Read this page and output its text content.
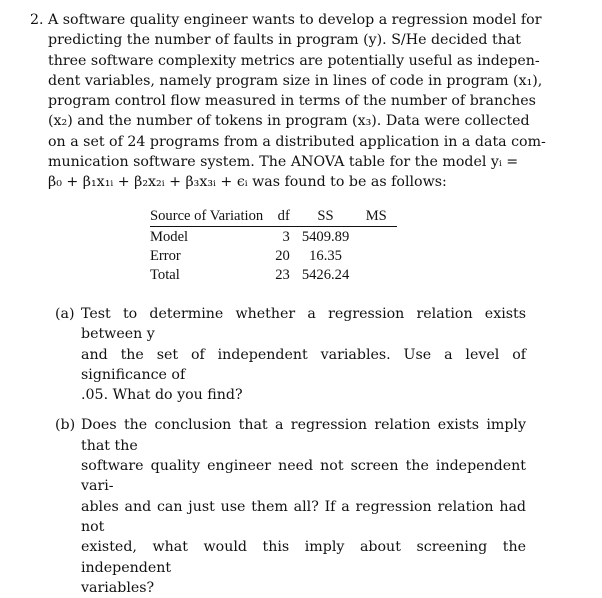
2. A software quality engineer wants to develop a regression model for

predicting the number of faults in program (y). S/He decided that

three software complexity metrics are potentially useful as indepen-

dent variables, namely program size in lines of code in program (x₁),

program control flow measured in terms of the number of branches

(x₂) and the number of tokens in program (x₃). Data were collected

on a set of 24 programs from a distributed application in a data com-

munication software system. The ANOVA table for the model yᵢ =

β₀ + β₁x₁ᵢ + β₂x₂ᵢ + β₃x₃ᵢ + ϵᵢ was found to be as follows:

Source of Variation	df	SS	MS
Model	3	5409.89	
Error	20	16.35	
Total	23	5426.24	
(a) Test to determine whether a regression relation exists between y

and the set of independent variables. Use a level of significance of

.05. What do you find?

(b) Does the conclusion that a regression relation exists imply that the

software quality engineer need not screen the independent vari-

ables and can just use them all? If a regression relation had not

existed, what would this imply about screening the independent

variables?
